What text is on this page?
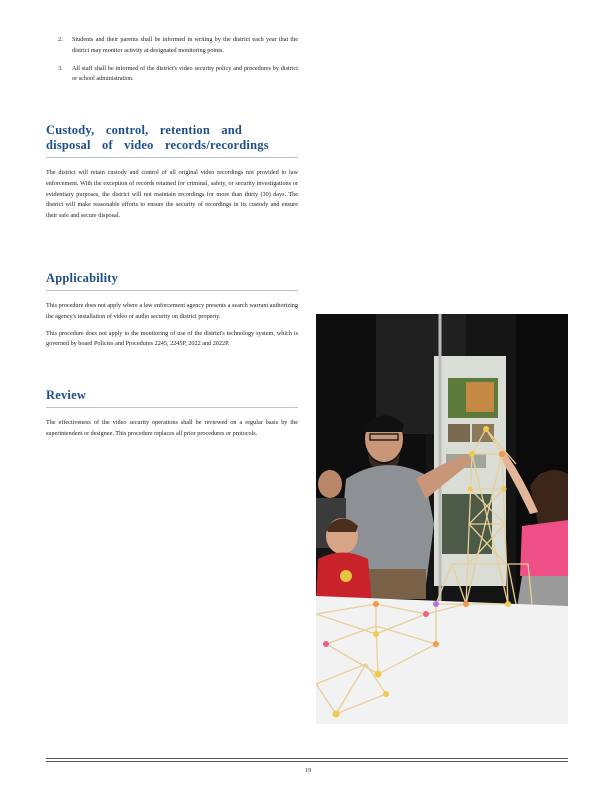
2. Students and their parents shall be informed in writing by the district each year that the district may monitor activity at designated monitoring points.

3. All staff shall be informed of the district's video security policy and procedures by district or school administration.

Custody, control, retention and disposal of video records/recordings

The district will retain custody and control of all original video recordings not provided to law enforcement. With the exception of records retained for criminal, safety, or security investigations or evidentiary purposes, the district will not maintain recordings for more than thirty (30) days. The district will make reasonable efforts to ensure the security of recordings in its custody and ensure their safe and secure disposal.

Applicability

This procedure does not apply where a law enforcement agency presents a search warrant authorizing the agency's installation of video or audio security on district property.

This procedure does not apply to the monitoring of use of the district's technology system, which is governed by board Policies and Procedures 2245, 2245P, 2022 and 2022P.

Review

The effectiveness of the video security operations shall be reviewed on a regular basis by the superintendent or designee. This procedure replaces all prior procedures or protocols.

19
